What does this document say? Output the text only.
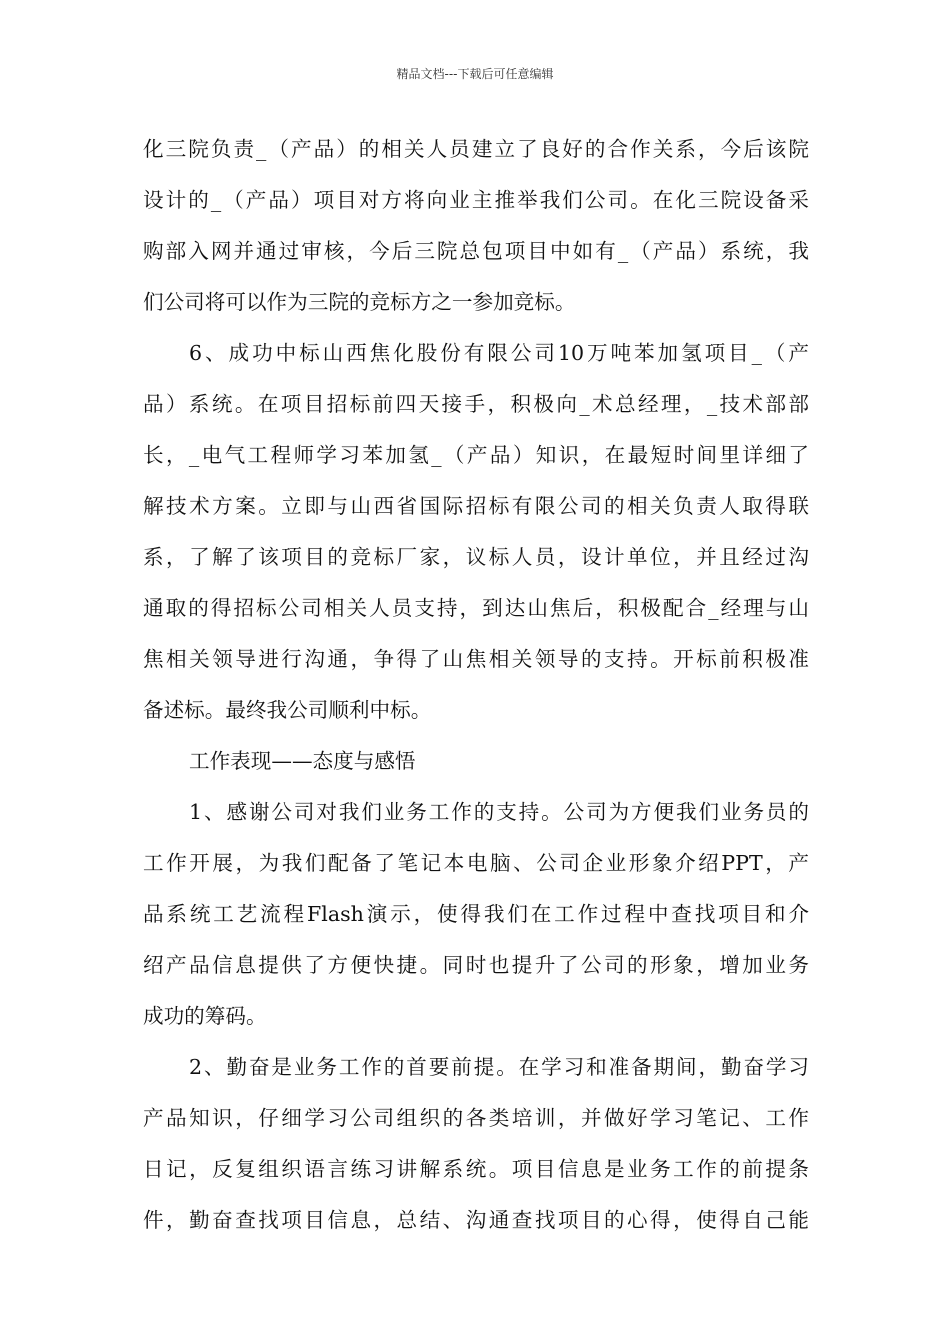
精品文档---下载后可任意编辑
化三院负责_（产品）的相关人员建立了良好的合作关系，今后该院
设计的_（产品）项目对方将向业主推举我们公司。在化三院设备采
购部入网并通过审核，今后三院总包项目中如有_（产品）系统，我
们公司将可以作为三院的竞标方之一参加竞标。
6、成功中标山西焦化股份有限公司10万吨苯加氢项目_（产
品）系统。在项目招标前四天接手，积极向_术总经理，_技术部部
长，_电气工程师学习苯加氢_（产品）知识，在最短时间里详细了
解技术方案。立即与山西省国际招标有限公司的相关负责人取得联
系，了解了该项目的竞标厂家，议标人员，设计单位，并且经过沟
通取的得招标公司相关人员支持，到达山焦后，积极配合_经理与山
焦相关领导进行沟通，争得了山焦相关领导的支持。开标前积极准
备述标。最终我公司顺利中标。
工作表现——态度与感悟
1、感谢公司对我们业务工作的支持。公司为方便我们业务员的
工作开展，为我们配备了笔记本电脑、公司企业形象介绍PPT，产
品系统工艺流程Flash演示，使得我们在工作过程中查找项目和介
绍产品信息提供了方便快捷。同时也提升了公司的形象，增加业务
成功的筹码。
2、勤奋是业务工作的首要前提。在学习和准备期间，勤奋学习
产品知识，仔细学习公司组织的各类培训，并做好学习笔记、工作
日记，反复组织语言练习讲解系统。项目信息是业务工作的前提条
件，勤奋查找项目信息，总结、沟通查找项目的心得，使得自己能
